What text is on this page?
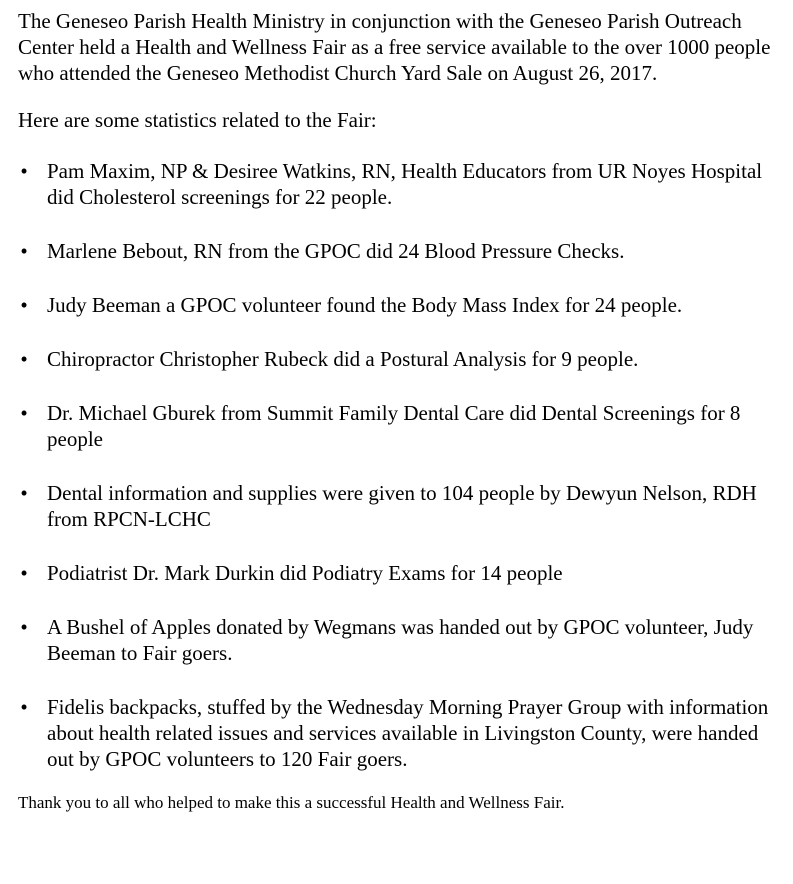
The Geneseo Parish Health Ministry in conjunction with the Geneseo Parish Outreach Center held a Health and Wellness Fair as a free service available to the over 1000 people who attended the Geneseo Methodist Church Yard Sale on August 26, 2017.

Here are some statistics related to the Fair:

• Pam Maxim, NP & Desiree Watkins, RN, Health Educators from UR Noyes Hospital did Cholesterol screenings for 22 people.
• Marlene Bebout, RN from the GPOC did 24 Blood Pressure Checks.
• Judy Beeman a GPOC volunteer found the Body Mass Index for 24 people.
• Chiropractor Christopher Rubeck did a Postural Analysis for 9 people.
• Dr. Michael Gburek from Summit Family Dental Care did Dental Screenings for 8 people
• Dental information and supplies were given to 104 people by Dewyun Nelson, RDH from RPCN-LCHC
• Podiatrist Dr. Mark Durkin did Podiatry Exams for 14 people
• A Bushel of Apples donated by Wegmans was handed out by GPOC volunteer, Judy Beeman to Fair goers.
• Fidelis backpacks, stuffed by the Wednesday Morning Prayer Group with information about health related issues and services available in Livingston County, were handed out by GPOC volunteers to 120 Fair goers.

Thank you to all who helped to make this a successful Health and Wellness Fair.
